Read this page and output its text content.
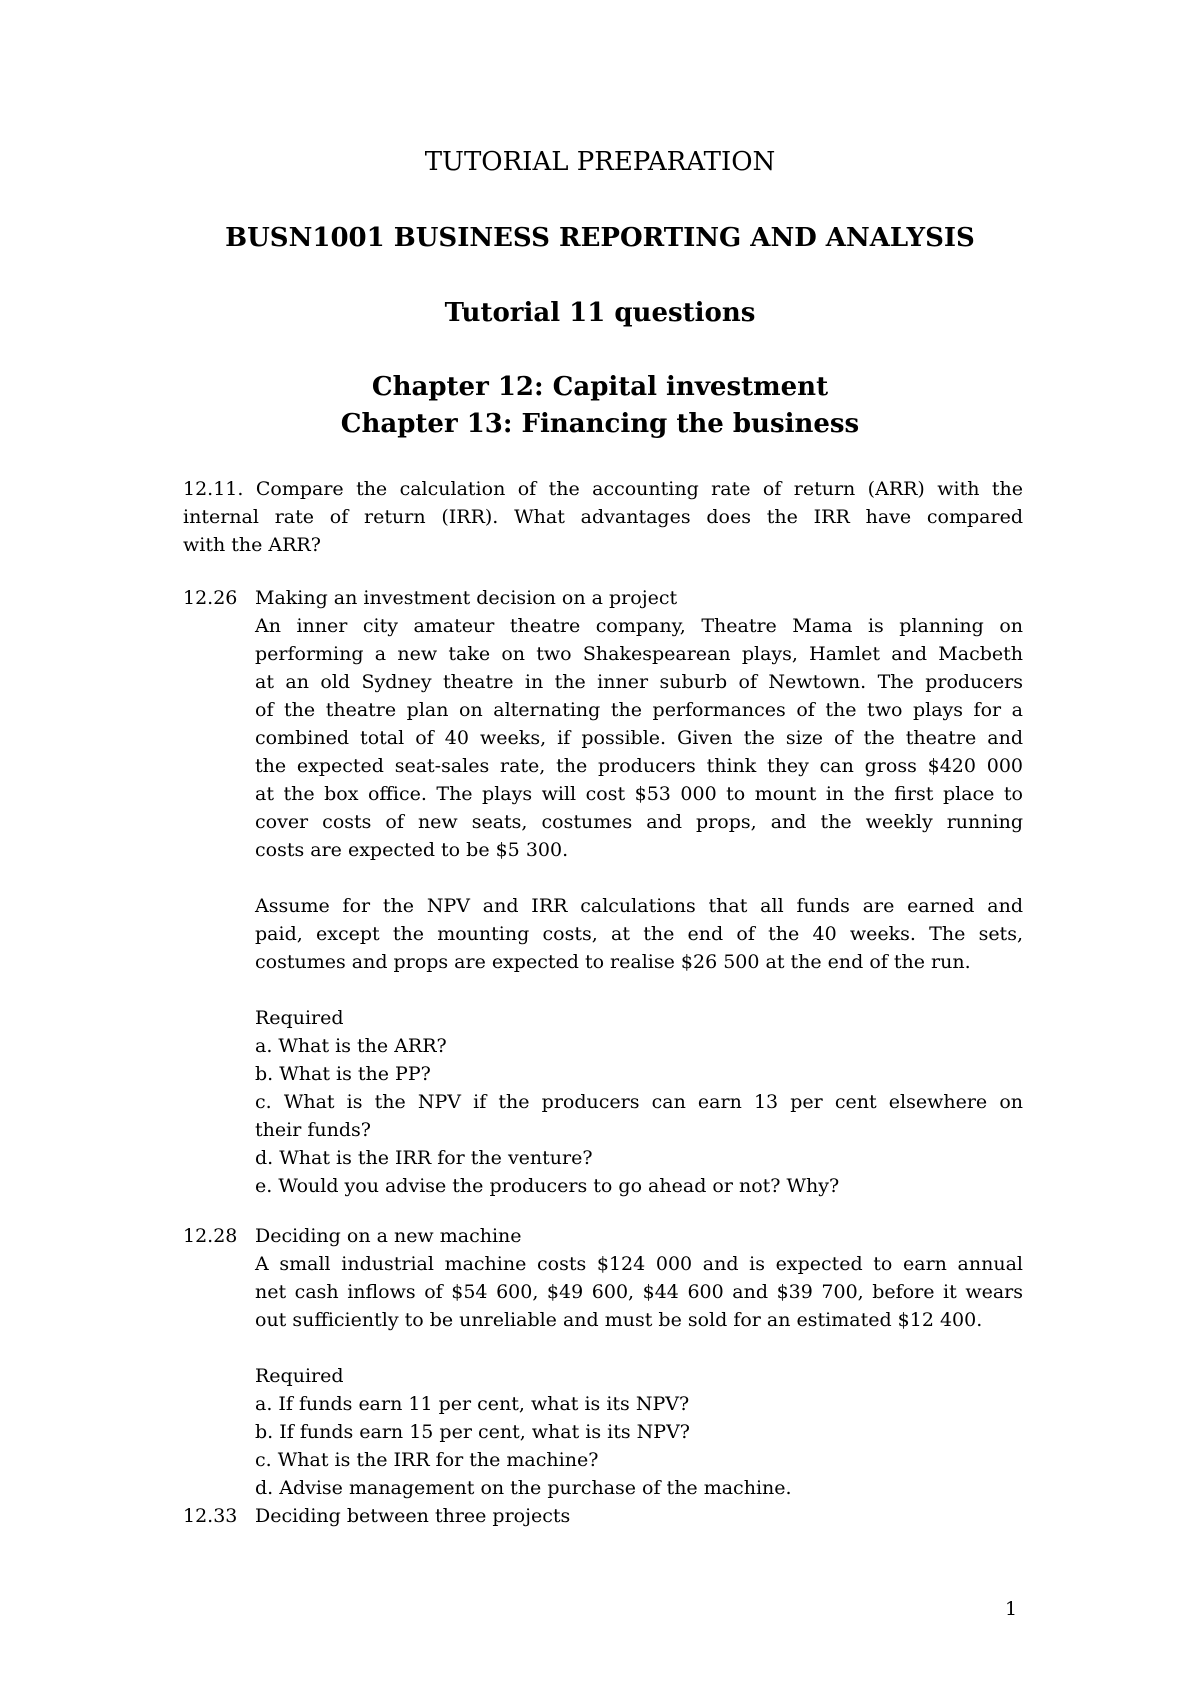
TUTORIAL PREPARATION
BUSN1001 BUSINESS REPORTING AND ANALYSIS
Tutorial 11 questions
Chapter 12: Capital investment
Chapter 13: Financing the business
12.11. Compare the calculation of the accounting rate of return (ARR) with the
internal rate of return (IRR). What advantages does the IRR have compared
with the ARR?
12.26 Making an investment decision on a project
An inner city amateur theatre company, Theatre Mama is planning on
performing a new take on two Shakespearean plays, Hamlet and Macbeth
at an old Sydney theatre in the inner suburb of Newtown. The producers
of the theatre plan on alternating the performances of the two plays for a
combined total of 40 weeks, if possible. Given the size of the theatre and
the expected seat-sales rate, the producers think they can gross $420 000
at the box office. The plays will cost $53 000 to mount in the first place to
cover costs of new seats, costumes and props, and the weekly running
costs are expected to be $5 300.
Assume for the NPV and IRR calculations that all funds are earned and
paid, except the mounting costs, at the end of the 40 weeks. The sets,
costumes and props are expected to realise $26 500 at the end of the run.
Required
a. What is the ARR?
b. What is the PP?
c. What is the NPV if the producers can earn 13 per cent elsewhere on
their funds?
d. What is the IRR for the venture?
e. Would you advise the producers to go ahead or not? Why?
12.28 Deciding on a new machine
A small industrial machine costs $124 000 and is expected to earn annual
net cash inflows of $54 600, $49 600, $44 600 and $39 700, before it wears
out sufficiently to be unreliable and must be sold for an estimated $12 400.
Required
a. If funds earn 11 per cent, what is its NPV?
b. If funds earn 15 per cent, what is its NPV?
c. What is the IRR for the machine?
d. Advise management on the purchase of the machine.
12.33 Deciding between three projects
1
